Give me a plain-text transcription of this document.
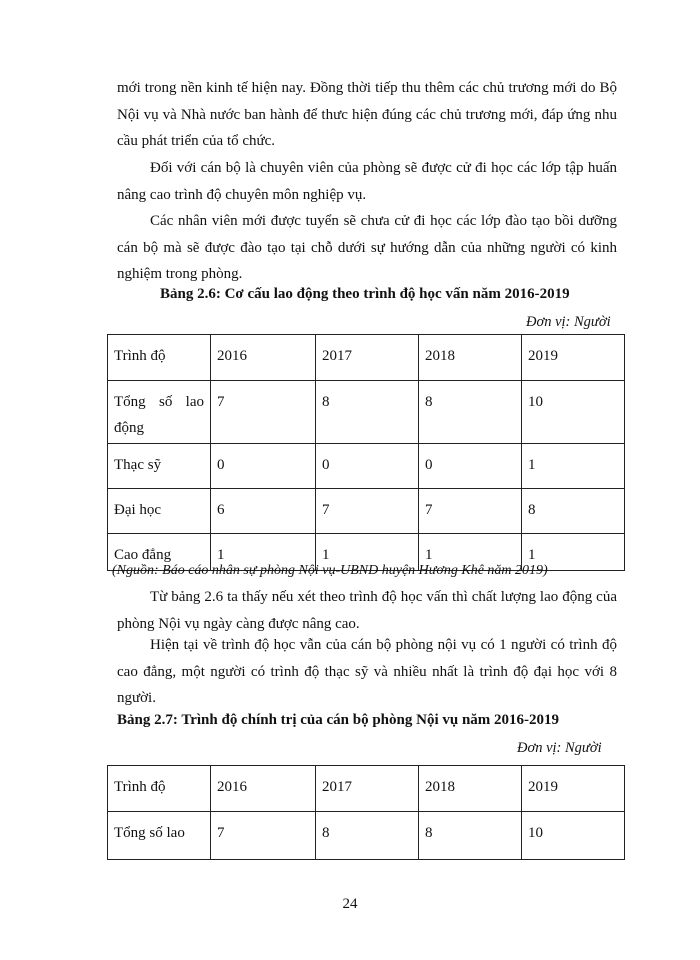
mới trong nền kinh tế hiện nay. Đồng thời tiếp thu thêm các chủ trương mới do Bộ Nội vụ và Nhà nước ban hành để thưc hiện đúng các chủ trương mới, đáp ứng nhu cầu phát triển của tổ chức.

Đối với cán bộ là chuyên viên của phòng sẽ được cử đi học các lớp tập huấn nâng cao trình độ chuyên môn nghiệp vụ.

Các nhân viên mới được tuyển sẽ chưa cử đi học các lớp đào tạo bồi dưỡng cán bộ mà sẽ được đào tạo tại chỗ dưới sự hướng dẫn của những người có kinh nghiệm trong phòng.

Bảng 2.6: Cơ cấu lao động theo trình độ học vấn năm 2016-2019
Đơn vị: Người
Trình độ	2016	2017	2018	2019
Tổng số lao động	7	8	8	10
Thạc sỹ	0	0	0	1
Đại học	6	7	7	8
Cao đẳng	1	1	1	1
(Nguồn: Báo cáo nhân sự phòng Nội vụ-UBND huyện Hương Khê năm 2019)

Từ bảng 2.6 ta thấy nếu xét theo trình độ học vấn thì chất lượng lao động của phòng Nội vụ ngày càng được nâng cao.

Hiện tại về trình độ học vẫn của cán bộ phòng nội vụ có 1 người có trình độ cao đẳng, một người có trình độ thạc sỹ và nhiều nhất là trình độ đại học với 8 người.

Bảng 2.7: Trình độ chính trị của cán bộ phòng Nội vụ năm 2016-2019
Đơn vị: Người
Trình độ	2016	2017	2018	2019
Tổng số lao	7	8	8	10
24
